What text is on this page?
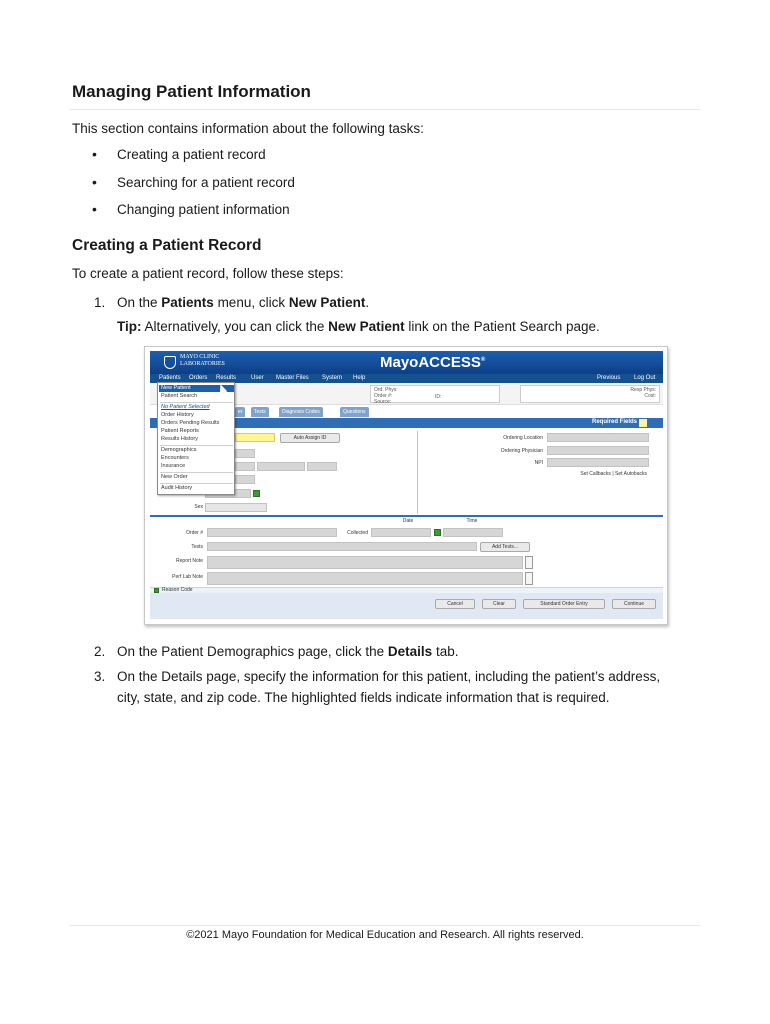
Managing Patient Information

This section contains information about the following tasks:

• Creating a patient record
• Searching for a patient record
• Changing patient information
Creating a Patient Record

To create a patient record, follow these steps:

1. On the Patients menu, click New Patient.

Tip: Alternatively, you can click the New Patient link on the Patient Search page.

MAYO CLINIC
LABORATORIES	MayoACCESS®
Patients Orders Results User Master Files System Help	Previous Log Out
Ord. Phys:
Order #:
Source:
ID:
Resp Phys:
Cost:
er	Tests	Diagnosis Codes	Questions
Required Fields
Auto Assign ID
Sex
Ordering Location
Ordering Physician
NPI
Set Callbacks | Set Autobacks
Date	Time
Order #	Collected
Tests	Add Tests...
Report Note
Perf Lab Note
Reason Code
Cancel	Clear	Standard Order Entry	Continue
New Patient
Patient Search
No Patient Selected
Order History
Orders Pending Results
Patient Reports
Results History
Demographics
Encounters
Insurance
New Order
Audit History
2. On the Patient Demographics page, click the Details tab.
3. On the Details page, specify the information for this patient, including the patient’s address,
city, state, and zip code. The highlighted fields indicate information that is required.

©2021 Mayo Foundation for Medical Education and Research. All rights reserved.
